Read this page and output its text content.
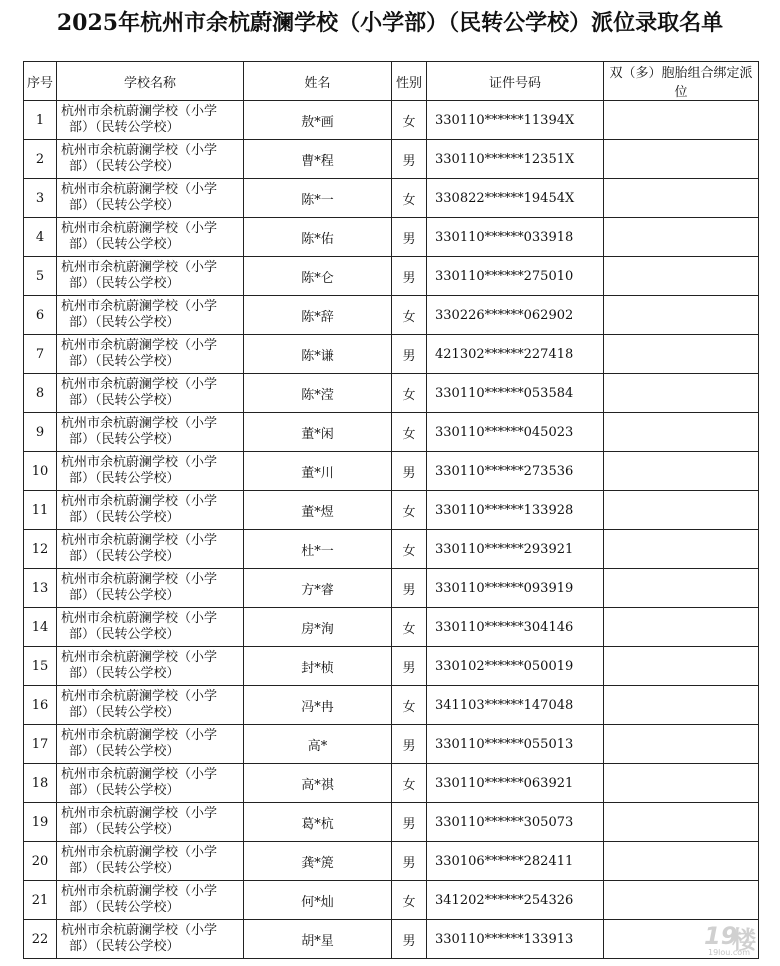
2025年杭州市余杭蔚澜学校（小学部）（民转公学校）派位录取名单
序号	学校名称	姓名	性别	证件号码	双（多）胞胎组合绑定派位
1	杭州市余杭蔚澜学校（小学
部）（民转公学校）	敖*画	女	330110******11394X	
2	杭州市余杭蔚澜学校（小学
部）（民转公学校）	曹*程	男	330110******12351X	
3	杭州市余杭蔚澜学校（小学
部）（民转公学校）	陈*一	女	330822******19454X	
4	杭州市余杭蔚澜学校（小学
部）（民转公学校）	陈*佑	男	330110******033918	
5	杭州市余杭蔚澜学校（小学
部）（民转公学校）	陈*仑	男	330110******275010	
6	杭州市余杭蔚澜学校（小学
部）（民转公学校）	陈*辞	女	330226******062902	
7	杭州市余杭蔚澜学校（小学
部）（民转公学校）	陈*谦	男	421302******227418	
8	杭州市余杭蔚澜学校（小学
部）（民转公学校）	陈*滢	女	330110******053584	
9	杭州市余杭蔚澜学校（小学
部）（民转公学校）	董*闲	女	330110******045023	
10	杭州市余杭蔚澜学校（小学
部）（民转公学校）	董*川	男	330110******273536	
11	杭州市余杭蔚澜学校（小学
部）（民转公学校）	董*煜	女	330110******133928	
12	杭州市余杭蔚澜学校（小学
部）（民转公学校）	杜*一	女	330110******293921	
13	杭州市余杭蔚澜学校（小学
部）（民转公学校）	方*睿	男	330110******093919	
14	杭州市余杭蔚澜学校（小学
部）（民转公学校）	房*洵	女	330110******304146	
15	杭州市余杭蔚澜学校（小学
部）（民转公学校）	封*桢	男	330102******050019	
16	杭州市余杭蔚澜学校（小学
部）（民转公学校）	冯*冉	女	341103******147048	
17	杭州市余杭蔚澜学校（小学
部）（民转公学校）	高*	男	330110******055013	
18	杭州市余杭蔚澜学校（小学
部）（民转公学校）	高*祺	女	330110******063921	
19	杭州市余杭蔚澜学校（小学
部）（民转公学校）	葛*杭	男	330110******305073	
20	杭州市余杭蔚澜学校（小学
部）（民转公学校）	龚*箎	男	330106******282411	
21	杭州市余杭蔚澜学校（小学
部）（民转公学校）	何*灿	女	341202******254326	
22	杭州市余杭蔚澜学校（小学
部）（民转公学校）	胡*星	男	330110******133913		19
楼
19lou.com
